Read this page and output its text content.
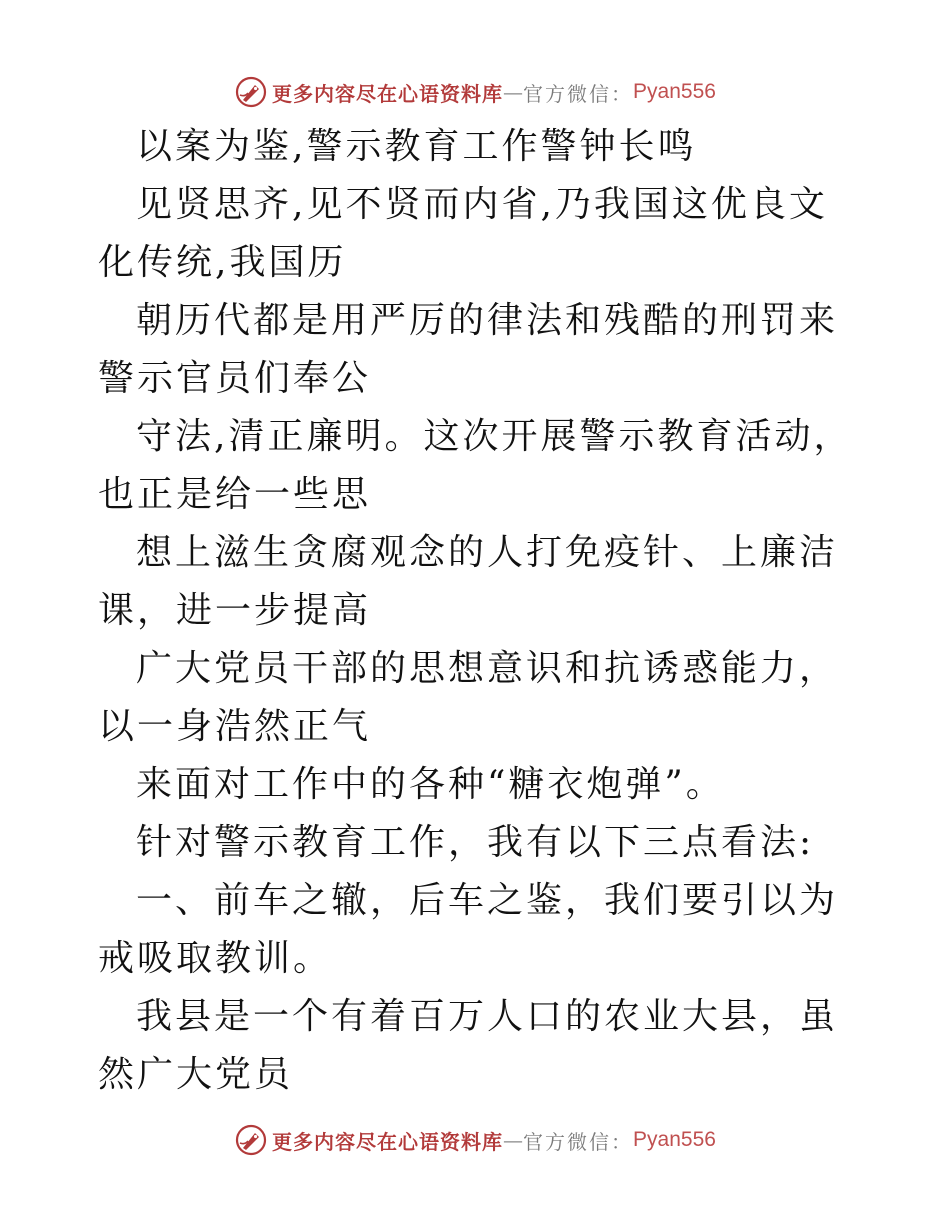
更多内容尽在心语资料库 — 官方微信： Pyan556

以案为鉴,警示教育工作警钟长鸣

见贤思齐,见不贤而内省,乃我国这优良文化传统,我国历

朝历代都是用严厉的律法和残酷的刑罚来警示官员们奉公

守法,清正廉明。这次开展警示教育活动，也正是给一些思

想上滋生贪腐观念的人打免疫针、上廉洁课，进一步提高

广大党员干部的思想意识和抗诱惑能力，以一身浩然正气

来面对工作中的各种“糖衣炮弹”。

针对警示教育工作，我有以下三点看法:

一、前车之辙，后车之鉴，我们要引以为戒吸取教训。

我县是一个有着百万人口的农业大县，虽然广大党员

更多内容尽在心语资料库 — 官方微信： Pyan556
